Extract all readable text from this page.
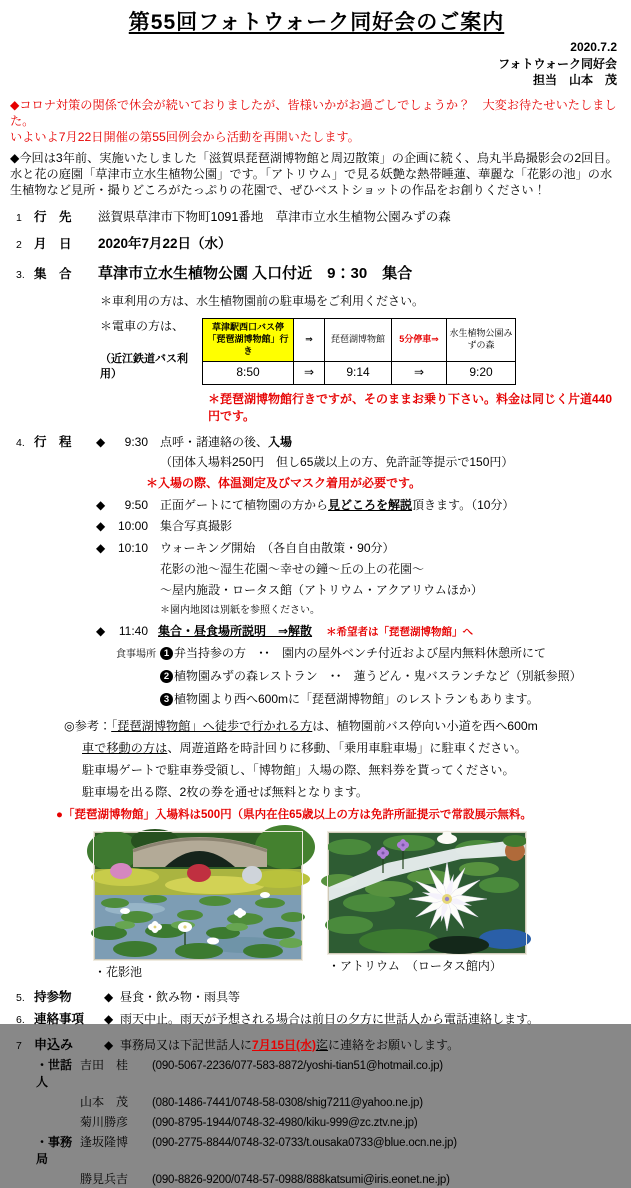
第55回フォトウォーク同好会のご案内
2020.7.2
フォトウォーク同好会
担当　山本　茂

◆コロナ対策の関係で休会が続いておりましたが、皆様いかがお過ごしでしょうか？　大変お待たせいたしました。
いよいよ7月22日開催の第55回例会から活動を再開いたします。

◆今回は3年前、実施いたしました「滋賀県琵琶湖博物館と周辺散策」の企画に続く、烏丸半島撮影会の2回目。水と花の庭園「草津市立水生植物公園」です。「アトリウム」で見る妖艶な熱帯睡蓮、華麗な「花影の池」の水生植物など見所・撮りどころがたっぷりの花園で、ぜひベストショットの作品をお創りください！

1 行　先	滋賀県草津市下物町1091番地　草津市立水生植物公園みずの森
2 月　日	2020年7月22日（水）
3. 集　合	草津市立水生植物公園 入口付近　9：30　集合
＊車利用の方は、水生植物園前の駐車場をご利用ください。
＊電車の方は、
（近江鉄道バス利用）
草津駅西口バス停「琵琶湖博物館」行き	⇒	琵琶湖博物館	5分停車⇒	水生植物公園みずの森
8:50	⇒	9:14	⇒	9:20
＊琵琶湖博物館行きですが、そのままお乗り下さい。料金は同じく片道440円です。
4. 行　程	◆	9:30 点呼・諸連絡の後、入場
（団体入場料250円　但し65歳以上の方、免許証等提示で150円）
＊入場の際、体温測定及びマスク着用が必要です。
◆	9:50 正面ゲートにて植物園の方から見どころを解説頂きます。（10分）
◆	10:00 集合写真撮影
◆	10:10 ウォーキング開始　（各自自由散策・90分）
花影の池～湿生花園～幸せの鐘～丘の上の花園～
～屋内施設・ロータス館（アトリウム・アクアリウムほか）
＊園内地図は別紙を参照ください。
◆	11:40 集合・昼食場所説明　⇒解散 ＊希望者は「琵琶湖博物館」へ
食事場所 1 弁当持参の方　･･　園内の屋外ベンチ付近および屋内無料休憩所にて
2 植物園みずの森レストラン　･･　蓮うどん・鬼バスランチなど（別紙参照）
3 植物園より西へ600mに「琵琶湖博物館」のレストランもあります。
◎参考：「琵琶湖博物館」へ徒歩で行かれる方は、植物園前バス停向い小道を西へ600m
車で移動の方は、周遊道路を時計回りに移動、「乗用車駐車場」に駐車ください。
駐車場ゲートで駐車券受領し、「博物館」入場の際、無料券を貰ってください。
駐車場を出る際、2枚の券を通せば無料となります。
●「琵琶湖博物館」入場料は500円（県内在住65歳以上の方は免許所証提示で常設展示無料。
・花影池	・アトリウム　（ロータス館内）
5. 持参物	◆ 昼食・飲み物・雨具等
6. 連絡事項	◆ 雨天中止。雨天が予想される場合は前日の夕方に世話人から電話連絡します。
7 申込み	◆ 事務局又は下記世話人に7月15日(水)迄に連絡をお願いします。
・世話人
吉田　桂	(090-5067-2236/077-583-8872/yoshi-tian51@hotmail.co.jp)
山本　茂	(080-1486-7441/0748-58-0308/shig7211@yahoo.ne.jp)
菊川勝彦	(090-8795-1944/0748-32-4980/kiku-999@zc.ztv.ne.jp)
・事務局
逢坂隆博	(090-2775-8844/0748-32-0733/t.ousaka0733@blue.ocn.ne.jp)
勝見兵吉	(090-8826-9200/0748-57-0988/888katsumi@iris.eonet.ne.jp)
